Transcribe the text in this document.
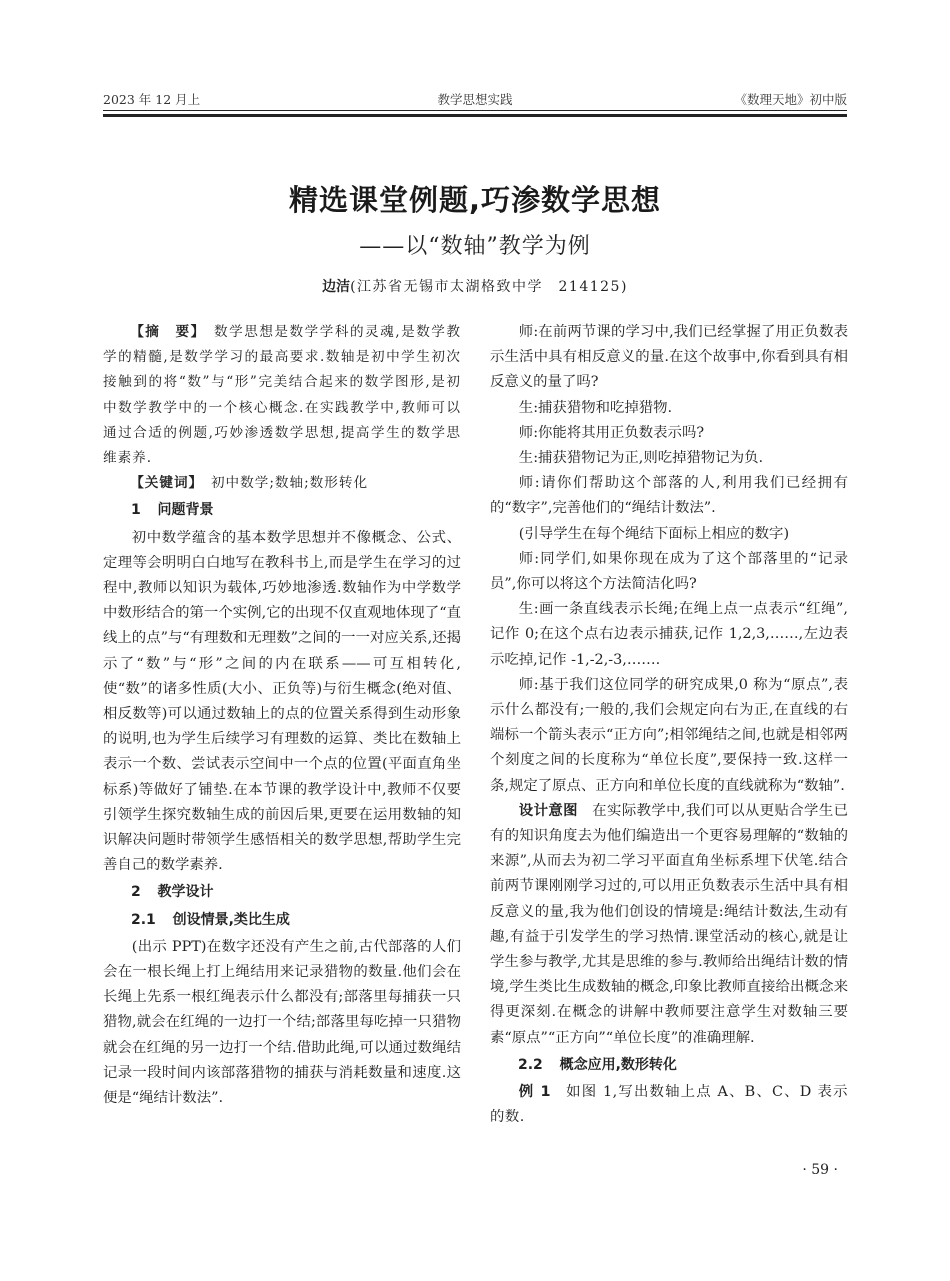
2023 年 12 月上	教学思想实践	《数理天地》初中版
精选课堂例题,巧渗数学思想
——以“数轴”教学为例
边洁(江苏省无锡市太湖格致中学　214125)

【摘　要】　 数学思想是数学学科的灵魂,是数学教学的精髓,是数学学习的最高要求.数轴是初中学生初次接触到的将“数”与“形”完美结合起来的数学图形,是初中数学教学中的一个核心概念.在实践教学中,教师可以通过合适的例题,巧妙渗透数学思想,提高学生的数学思维素养.

【关键词】　 初中数学;数轴;数形转化

1 问题背景

初中数学蕴含的基本数学思想并不像概念、公式、定理等会明明白白地写在教科书上,而是学生在学习的过程中,教师以知识为载体,巧妙地渗透.数轴作为中学数学中数形结合的第一个实例,它的出现不仅直观地体现了“直线上的点”与“有理数和无理数”之间的一一对应关系,还揭示了“数”与“形”之间的内在联系——可互相转化,使“数”的诸多性质(大小、正负等)与衍生概念(绝对值、相反数等)可以通过数轴上的点的位置关系得到生动形象的说明,也为学生后续学习有理数的运算、类比在数轴上表示一个数、尝试表示空间中一个点的位置(平面直角坐标系)等做好了铺垫.在本节课的教学设计中,教师不仅要引领学生探究数轴生成的前因后果,更要在运用数轴的知识解决问题时带领学生感悟相关的数学思想,帮助学生完善自己的数学素养.

2 教学设计
2.1 创设情景,类比生成

(出示 PPT)在数字还没有产生之前,古代部落的人们会在一根长绳上打上绳结用来记录猎物的数量.他们会在长绳上先系一根红绳表示什么都没有;部落里每捕获一只猎物,就会在红绳的一边打一个结;部落里每吃掉一只猎物就会在红绳的另一边打一个结.借助此绳,可以通过数绳结记录一段时间内该部落猎物的捕获与消耗数量和速度.这便是“绳结计数法”.

师:在前两节课的学习中,我们已经掌握了用正负数表示生活中具有相反意义的量.在这个故事中,你看到具有相反意义的量了吗?

生:捕获猎物和吃掉猎物.

师:你能将其用正负数表示吗?

生:捕获猎物记为正,则吃掉猎物记为负.

师:请你们帮助这个部落的人,利用我们已经拥有的“数字”,完善他们的“绳结计数法”.

(引导学生在每个绳结下面标上相应的数字)

师:同学们,如果你现在成为了这个部落里的“记录员”,你可以将这个方法简洁化吗?

生:画一条直线表示长绳;在绳上点一点表示“红绳”,记作 0;在这个点右边表示捕获,记作 1,2,3,……,左边表示吃掉,记作 -1,-2,-3,…….

师:基于我们这位同学的研究成果,0 称为“原点”,表示什么都没有;一般的,我们会规定向右为正,在直线的右端标一个箭头表示“正方向”;相邻绳结之间,也就是相邻两个刻度之间的长度称为“单位长度”,要保持一致.这样一条,规定了原点、正方向和单位长度的直线就称为“数轴”.

设计意图 在实际教学中,我们可以从更贴合学生已有的知识角度去为他们编造出一个更容易理解的“数轴的来源”,从而去为初二学习平面直角坐标系埋下伏笔.结合前两节课刚刚学习过的,可以用正负数表示生活中具有相反意义的量,我为他们创设的情境是:绳结计数法,生动有趣,有益于引发学生的学习热情.课堂活动的核心,就是让学生参与教学,尤其是思维的参与.教师给出绳结计数的情境,学生类比生成数轴的概念,印象比教师直接给出概念来得更深刻.在概念的讲解中教师要注意学生对数轴三要素“原点”“正方向”“单位长度”的准确理解.

2.2 概念应用,数形转化

例 1 如图 1,写出数轴上点 A、B、C、D 表示的数.

· 59 ·
